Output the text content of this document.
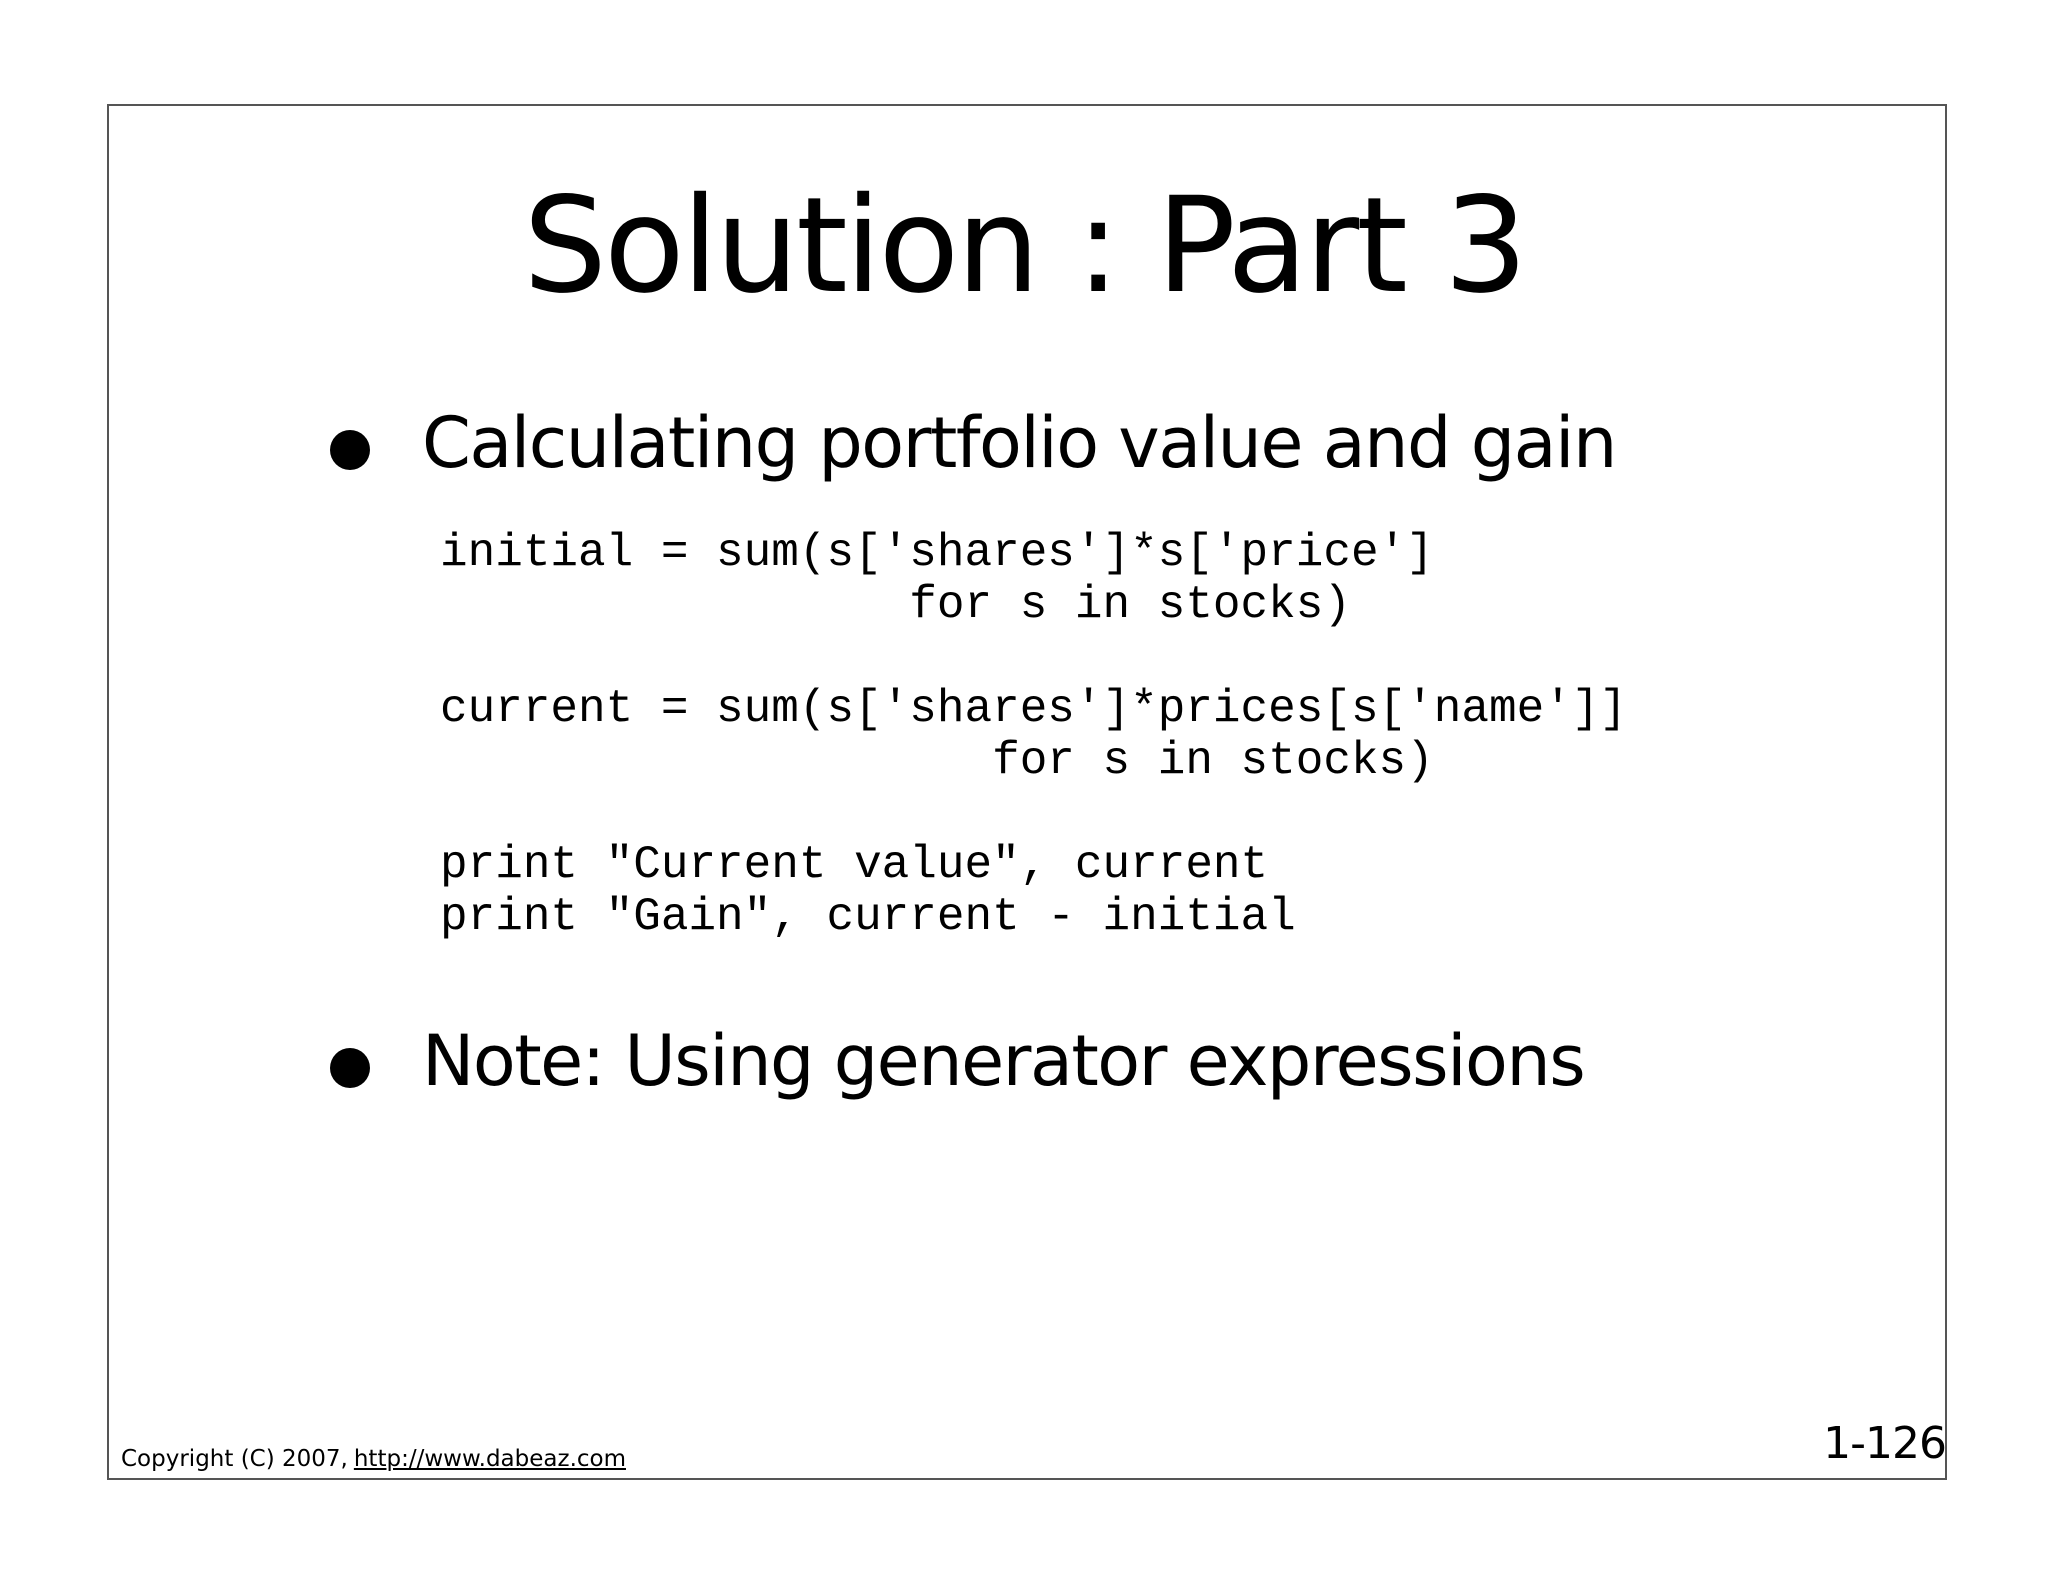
Solution : Part 3
Calculating portfolio value and gain
initial = sum(s['shares']*s['price']
for s in stocks)
current = sum(s['shares']*prices[s['name']]
for s in stocks)
print "Current value", current
print "Gain", current - initial
Note: Using generator expressions
Copyright (C) 2007, http://www.dabeaz.com	1-126
